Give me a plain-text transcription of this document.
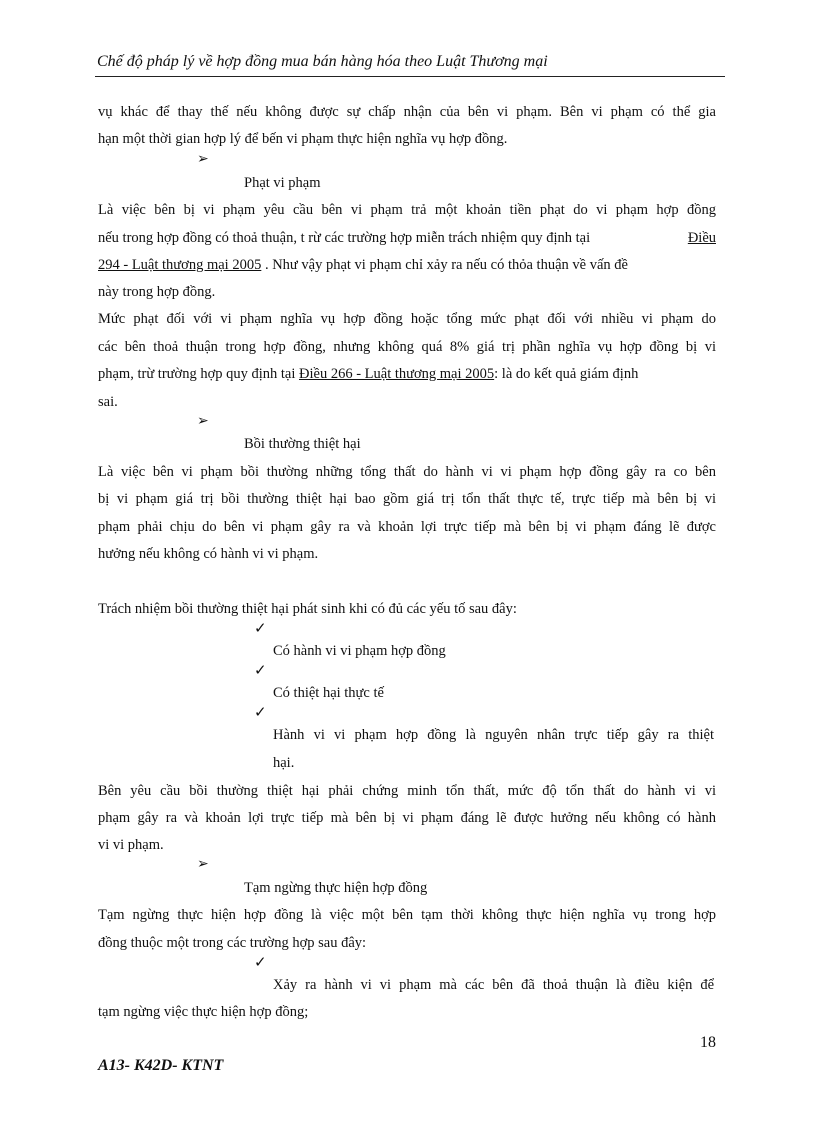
Chế độ pháp lý về hợp đồng mua bán hàng hóa theo Luật Thương mại
vụ khác để thay thế nếu không được sự chấp nhận của bên vi phạm. Bên vi phạm có thể gia
hạn một thời gian hợp lý để bến vi phạm thực hiện nghĩa vụ hợp đồng.
➢
Phạt vi phạm
Là việc bên bị vi phạm yêu cầu bên vi phạm trả một khoản tiền phạt do vi phạm hợp đồng
nếu trong hợp đồng có thoả thuận, t rừ các trường hợp miễn trách nhiệm quy định tại	Điều
294 - Luật thương mại 2005 . Như vậy phạt vi phạm chỉ xảy ra nếu có thỏa thuận về vấn đề
này trong hợp đồng.
Mức phạt đối với vi phạm nghĩa vụ hợp đồng hoặc tổng mức phạt đối với nhiều vi phạm do
các bên thoả thuận trong hợp đồng, nhưng không quá 8% giá trị phần nghĩa vụ hợp đồng bị vi
phạm, trừ trường hợp quy định tại Điều 266 - Luật thương mại 2005: là do kết quả giám định
sai.
➢
Bồi thường thiệt hại
Là việc bên vi phạm bồi thường những tổng thất do hành vi vi phạm hợp đồng gây ra co bên
bị vi phạm giá trị bồi thường thiệt hại bao gồm giá trị tổn thất thực tế, trực tiếp mà bên bị vi
phạm phải chịu do bên vi phạm gây ra và khoản lợi trực tiếp mà bên bị vi phạm đáng lẽ được
hưởng nếu không có hành vi vi phạm.
Trách nhiệm bồi thường thiệt hại phát sinh khi có đủ các yếu tố sau đây:
✓
Có hành vi vi phạm hợp đồng
✓
Có thiệt hại thực tế
✓
Hành vi vi phạm hợp đồng là nguyên nhân trực tiếp gây ra thiệt
hại.
Bên yêu cầu bồi thường thiệt hại phải chứng minh tổn thất, mức độ tổn thất do hành vi vi
phạm gây ra và khoản lợi trực tiếp mà bên bị vi phạm đáng lẽ được hưởng nếu không có hành
vi vi phạm.
➢
Tạm ngừng thực hiện hợp đồng
Tạm ngừng thực hiện hợp đồng là việc một bên tạm thời không thực hiện nghĩa vụ trong hợp
đồng thuộc một trong các trường hợp sau đây:
✓
Xảy ra hành vi vi phạm mà các bên đã thoả thuận là điều kiện để
tạm ngừng việc thực hiện hợp đồng;
18
A13- K42D- KTNT
